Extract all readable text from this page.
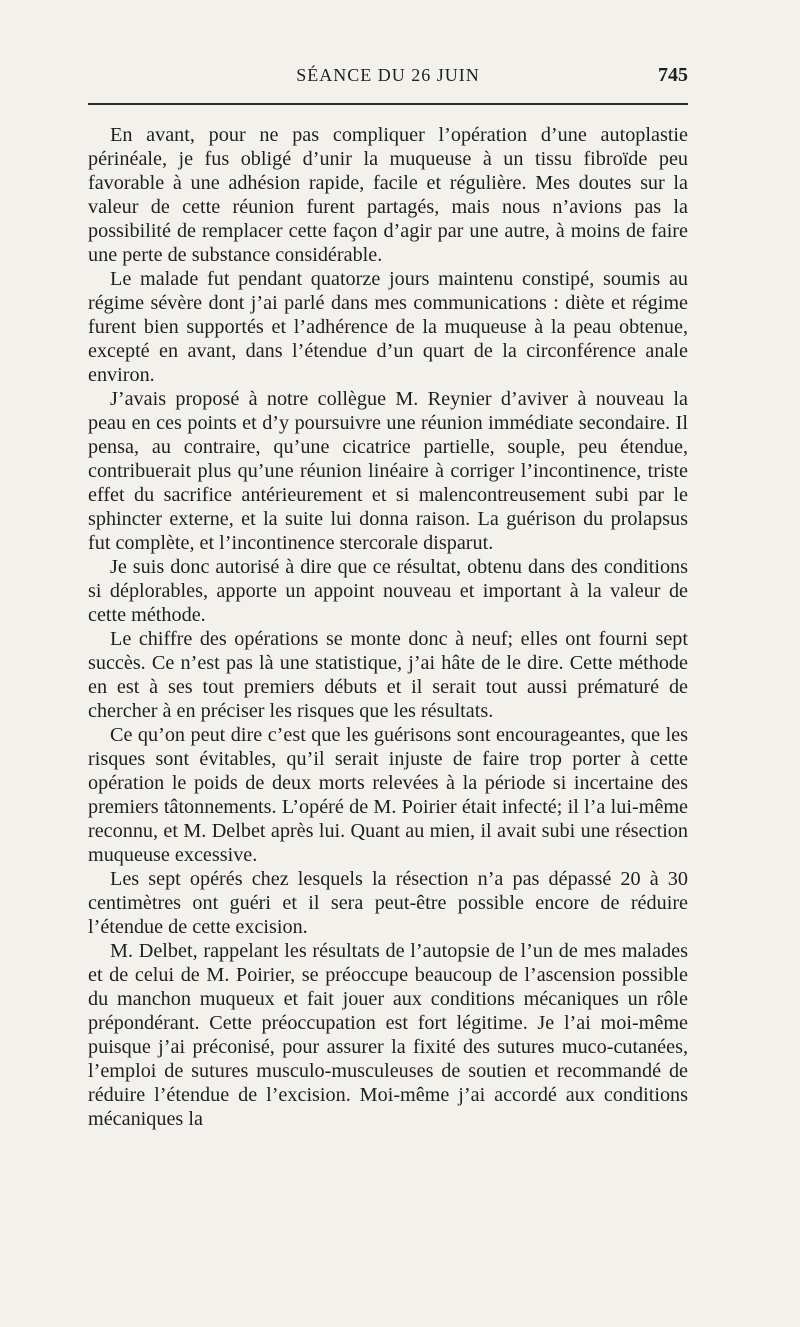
SÉANCE DU 26 JUIN	745

En avant, pour ne pas compliquer l’opération d’une autoplastie périnéale, je fus obligé d’unir la muqueuse à un tissu fibroïde peu favorable à une adhésion rapide, facile et régulière. Mes doutes sur la valeur de cette réunion furent partagés, mais nous n’avions pas la possibilité de remplacer cette façon d’agir par une autre, à moins de faire une perte de substance considérable.

Le malade fut pendant quatorze jours maintenu constipé, soumis au régime sévère dont j’ai parlé dans mes communications : diète et régime furent bien supportés et l’adhérence de la muqueuse à la peau obtenue, excepté en avant, dans l’étendue d’un quart de la circonférence anale environ.

J’avais proposé à notre collègue M. Reynier d’aviver à nouveau la peau en ces points et d’y poursuivre une réunion immédiate secondaire. Il pensa, au contraire, qu’une cicatrice partielle, souple, peu étendue, contribuerait plus qu’une réunion linéaire à corriger l’incontinence, triste effet du sacrifice antérieurement et si malencontreusement subi par le sphincter externe, et la suite lui donna raison. La guérison du prolapsus fut complète, et l’incontinence stercorale disparut.

Je suis donc autorisé à dire que ce résultat, obtenu dans des conditions si déplorables, apporte un appoint nouveau et important à la valeur de cette méthode.

Le chiffre des opérations se monte donc à neuf; elles ont fourni sept succès. Ce n’est pas là une statistique, j’ai hâte de le dire. Cette méthode en est à ses tout premiers débuts et il serait tout aussi prématuré de chercher à en préciser les risques que les résultats.

Ce qu’on peut dire c’est que les guérisons sont encourageantes, que les risques sont évitables, qu’il serait injuste de faire trop porter à cette opération le poids de deux morts relevées à la période si incertaine des premiers tâtonnements. L’opéré de M. Poirier était infecté; il l’a lui-même reconnu, et M. Delbet après lui. Quant au mien, il avait subi une résection muqueuse excessive.

Les sept opérés chez lesquels la résection n’a pas dépassé 20 à 30 centimètres ont guéri et il sera peut-être possible encore de réduire l’étendue de cette excision.

M. Delbet, rappelant les résultats de l’autopsie de l’un de mes malades et de celui de M. Poirier, se préoccupe beaucoup de l’ascension possible du manchon muqueux et fait jouer aux conditions mécaniques un rôle prépondérant. Cette préoccupation est fort légitime. Je l’ai moi-même puisque j’ai préconisé, pour assurer la fixité des sutures muco-cutanées, l’emploi de sutures musculo-musculeuses de soutien et recommandé de réduire l’étendue de l’excision. Moi-même j’ai accordé aux conditions mécaniques la
